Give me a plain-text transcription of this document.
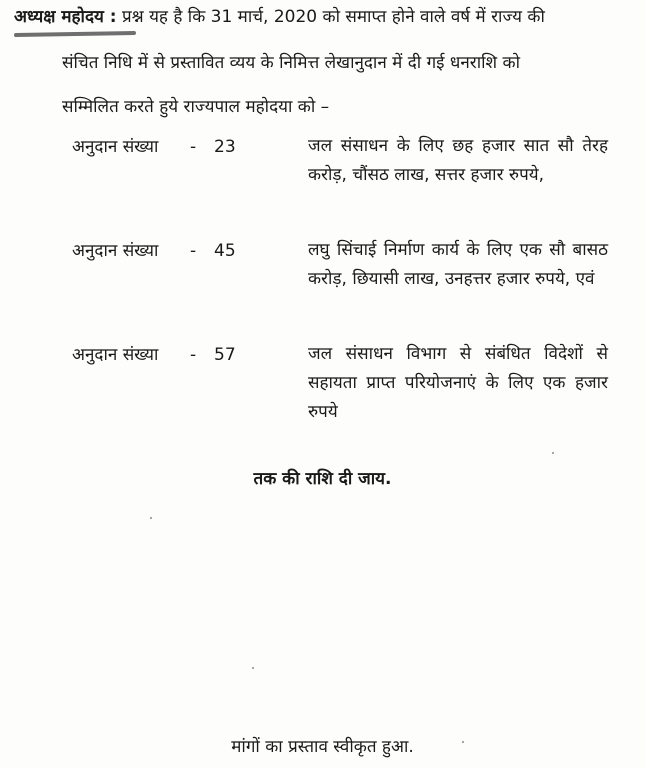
अध्यक्ष महोदय : प्रश्न यह है कि 31 मार्च, 2020 को समाप्त होने वाले वर्ष में राज्य की
संचित निधि में से प्रस्तावित व्यय के निमित्त लेखानुदान में दी गई धनराशि को
सम्मिलित करते हुये राज्यपाल महोदया को –
अनुदान संख्या - 23	जल संसाधन के लिए छह हजार सात सौ तेरह करोड़, चौंसठ लाख, सत्तर हजार रुपये,
अनुदान संख्या - 45	लघु सिंचाई निर्माण कार्य के लिए एक सौ बासठ करोड़, छियासी लाख, उनहत्तर हजार रुपये, एवं
अनुदान संख्या - 57	जल संसाधन विभाग से संबंधित विदेशों से सहायता प्राप्त परियोजनाएं के लिए एक हजार रुपये
तक की राशि दी जाय.
मांगों का प्रस्ताव स्वीकृत हुआ.
